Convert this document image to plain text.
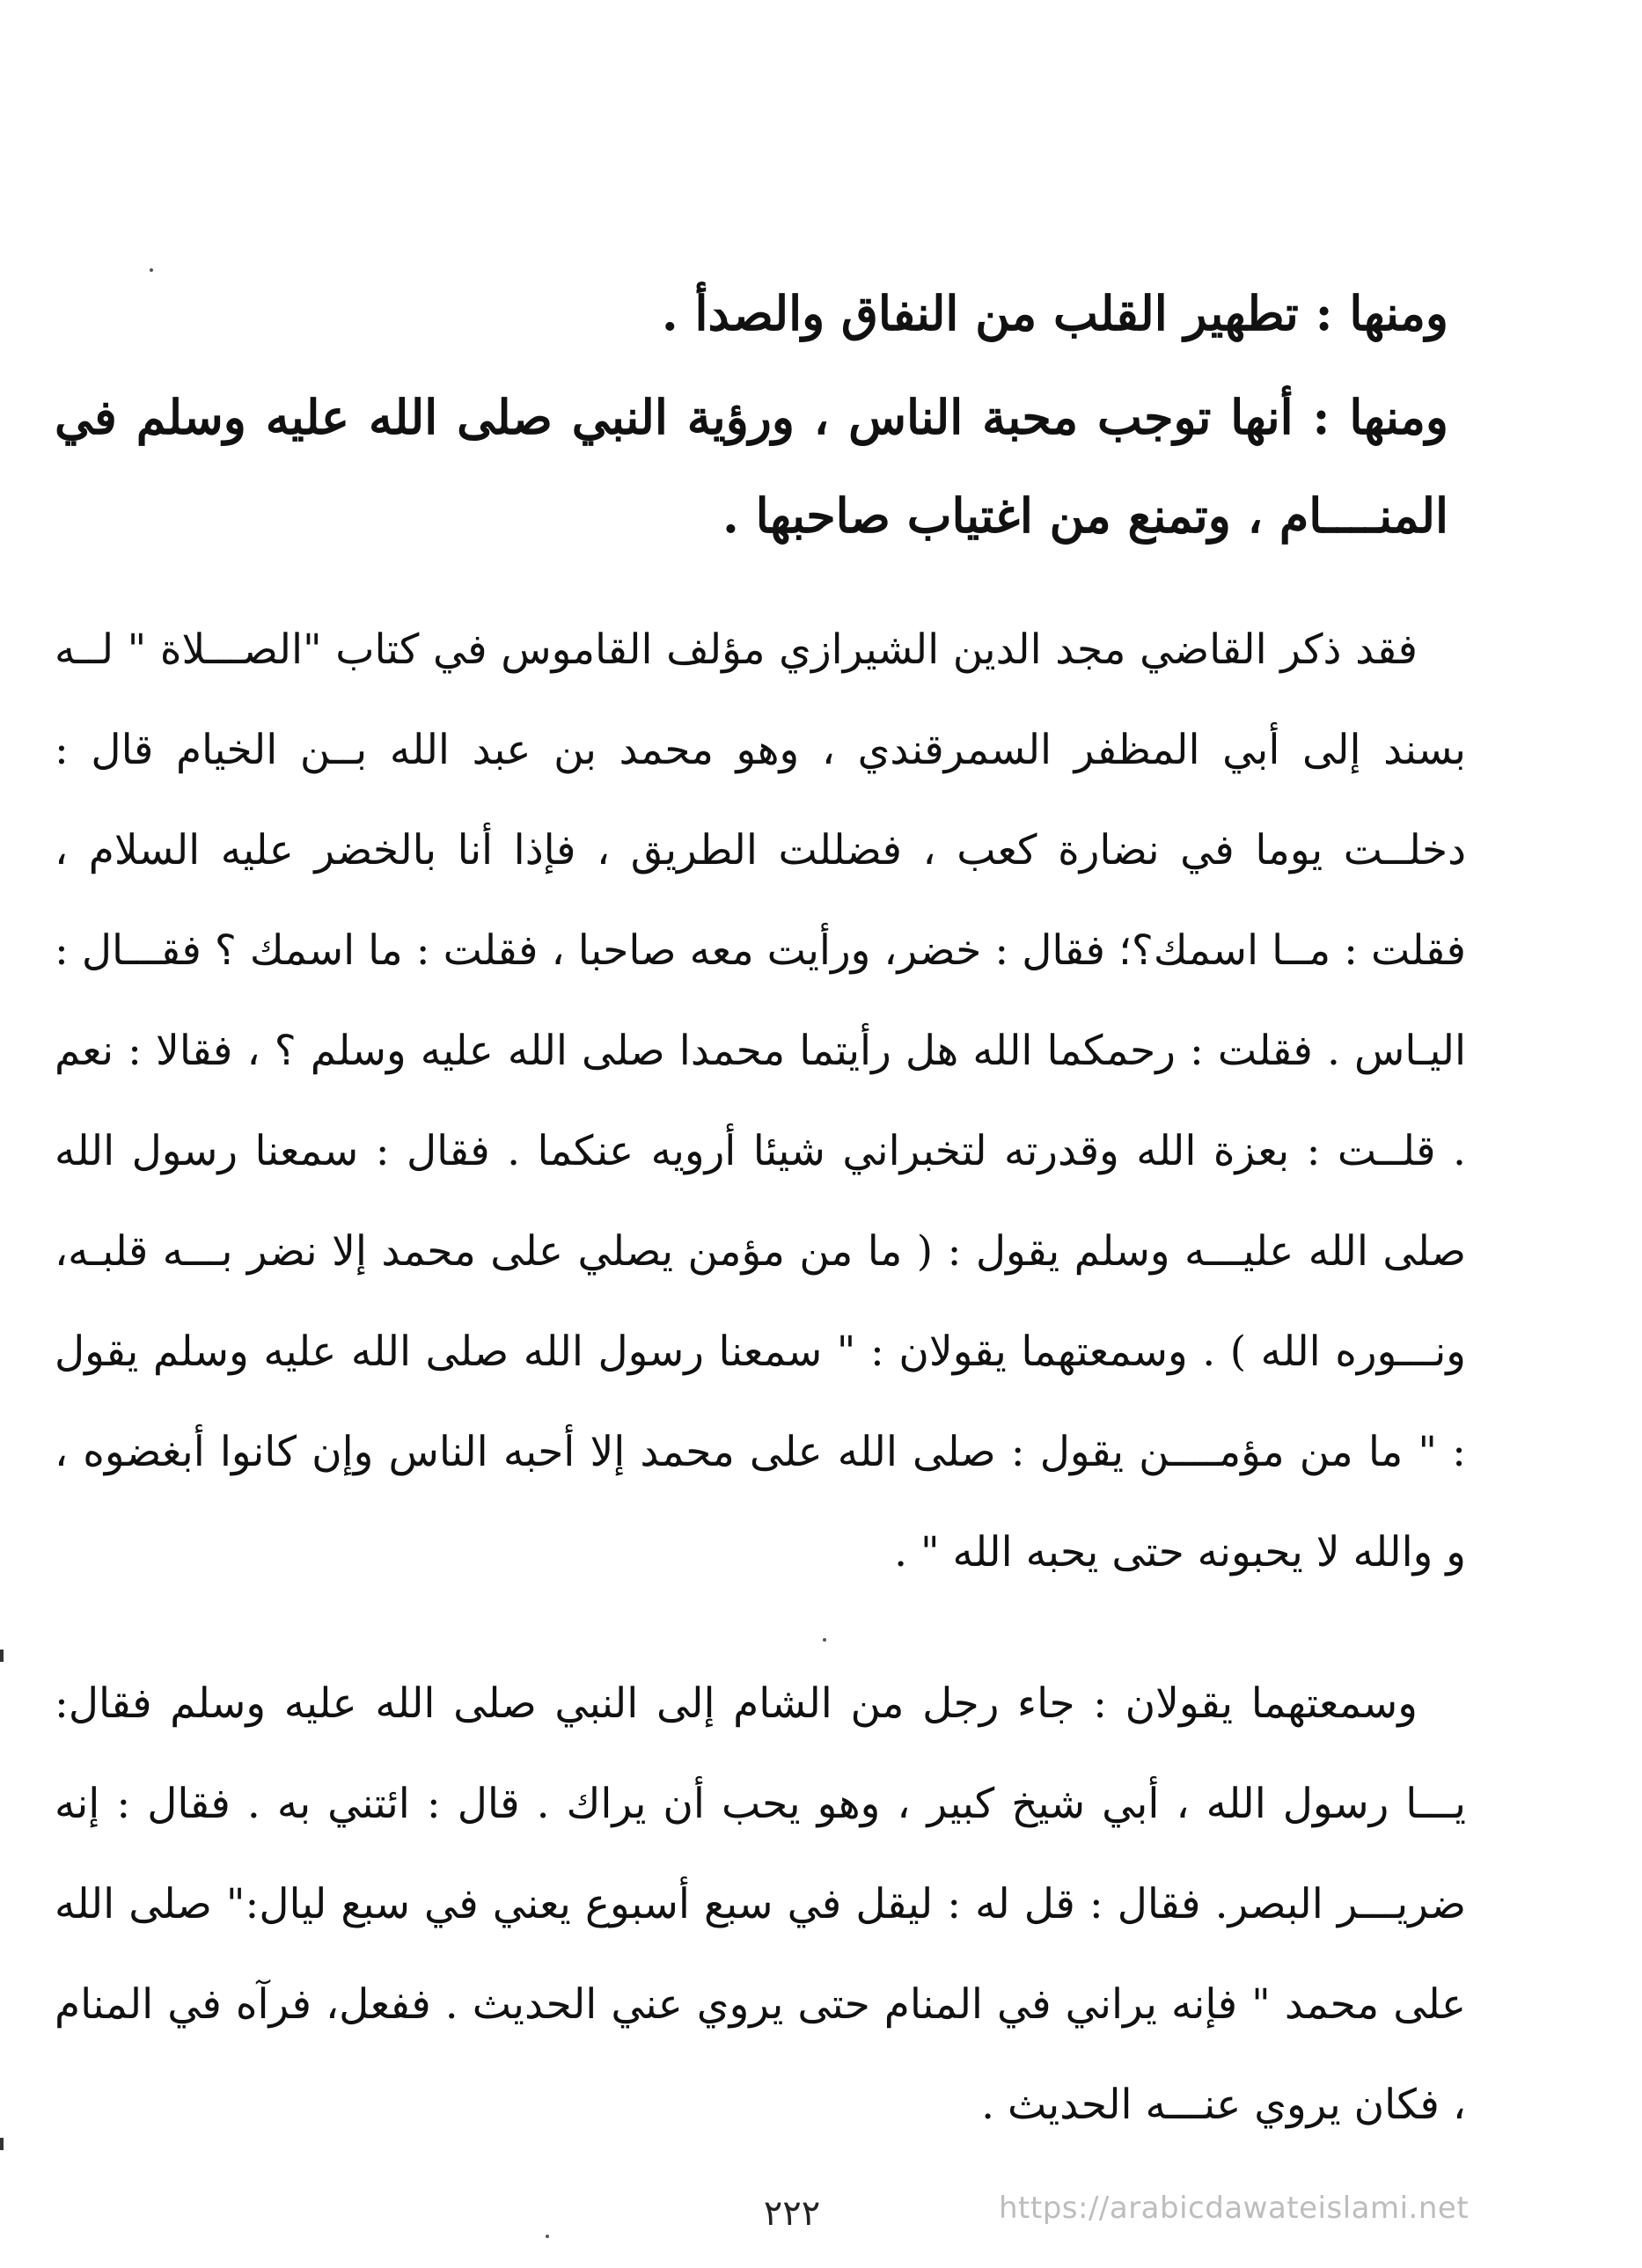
ومنها : تطهير القلب من النفاق والصدأ .

ومنها : أنها توجب محبة الناس ، ورؤية النبي صلى الله عليه وسلم في المنــــام ، وتمنع من اغتياب صاحبها .

فقد ذكر القاضي مجد الدين الشيرازي مؤلف القاموس في كتاب "الصـــلاة " لــه بسند إلى أبي المظفر السمرقندي ، وهو محمد بن عبد الله بــن الخيام قال : دخلــت يوما في نضارة كعب ، فضللت الطريق ، فإذا أنا بالخضر عليه السلام ، فقلت : مــا اسمك؟؛ فقال : خضر، ورأيت معه صاحبا ، فقلت : ما اسمك ؟ فقـــال : اليـاس . فقلت : رحمكما الله هل رأيتما محمدا صلى الله عليه وسلم ؟ ، فقالا : نعم . قلــت : بعزة الله وقدرته لتخبراني شيئا أرويه عنكما . فقال : سمعنا رسول الله صلى الله عليـــه وسلم يقول : ( ما من مؤمن يصلي على محمد إلا نضر بـــه قلبـه، ونـــوره الله ) . وسمعتهما يقولان : " سمعنا رسول الله صلى الله عليه وسلم يقول : " ما من مؤمــــن يقول : صلى الله على محمد إلا أحبه الناس وإن كانوا أبغضوه ، و والله لا يحبونه حتى يحبه الله " .

وسمعتهما يقولان : جاء رجل من الشام إلى النبي صلى الله عليه وسلم فقال: يـــا رسول الله ، أبي شيخ كبير ، وهو يحب أن يراك . قال : ائتني به . فقال : إنه ضريـــر البصر. فقال : قل له : ليقل في سبع أسبوع يعني في سبع ليال:" صلى الله على محمد " فإنه يراني في المنام حتى يروي عني الحديث . ففعل، فرآه في المنام ، فكان يروي عنـــه الحديث .

٢٢٢	https://arabicdawateislami.net
